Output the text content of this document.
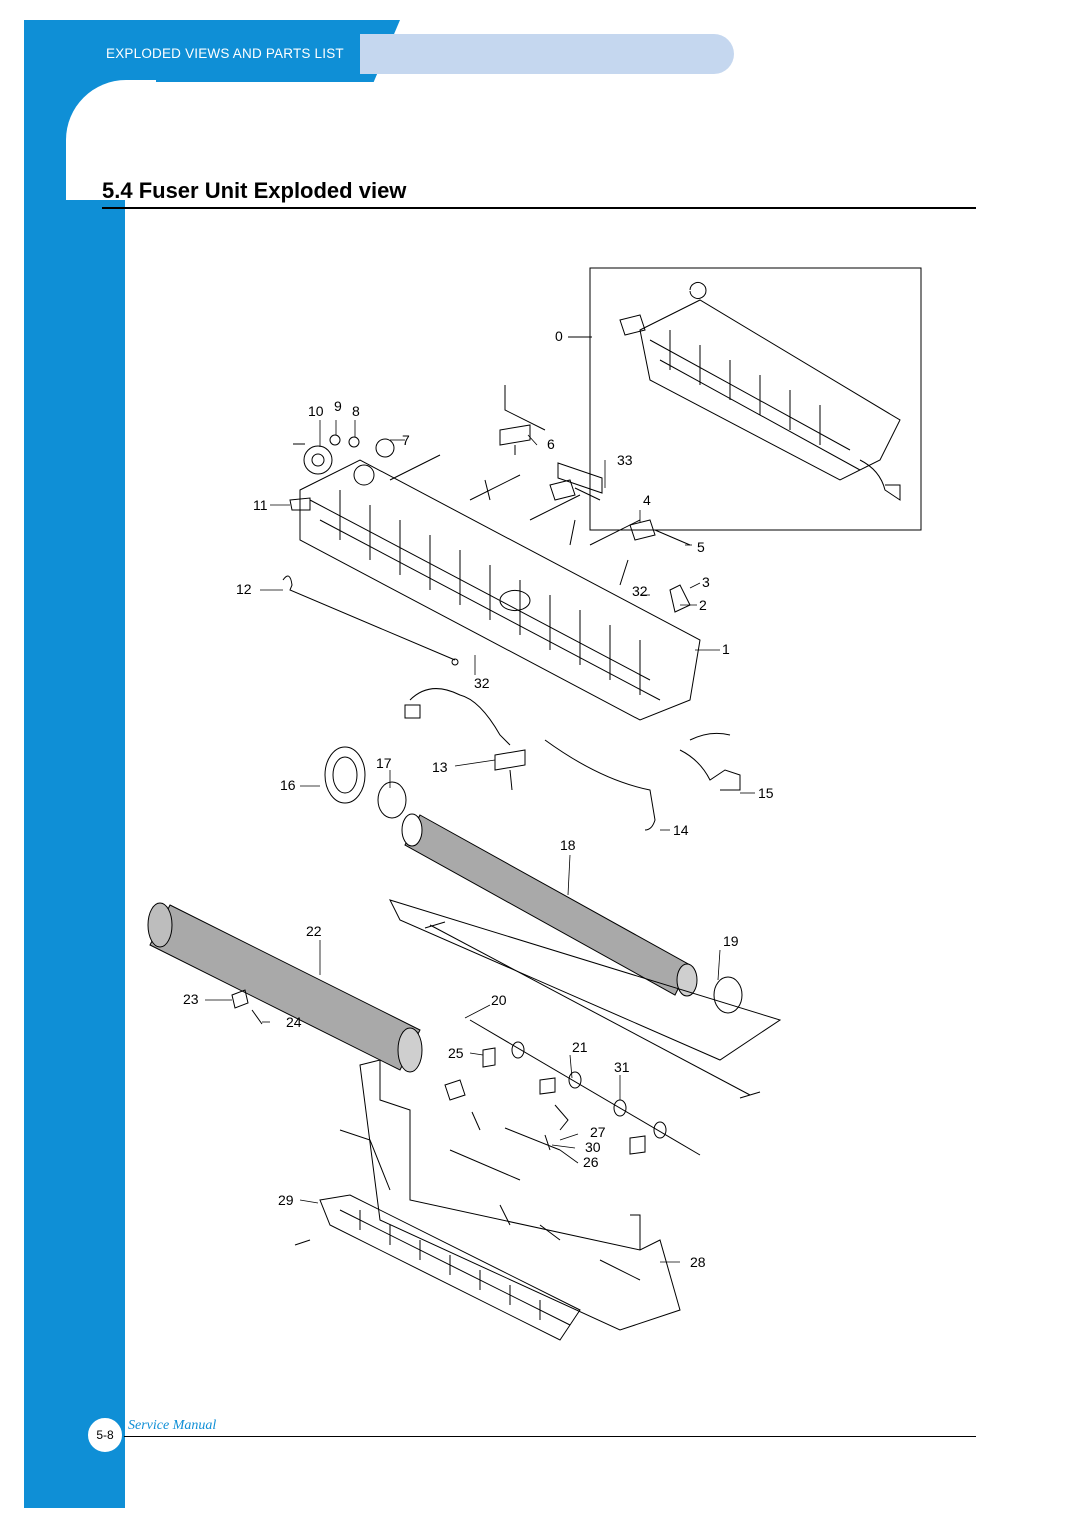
EXPLODED VIEWS AND PARTS LIST
5.4 Fuser Unit Exploded view
0
10 9 8
7	6
33
11	4
5
12	32
3
2
1
32
17	13
16	15
14
18
22
19
23	20
24
21
25
31
27
30
26
29
28
5-8
Service Manual
